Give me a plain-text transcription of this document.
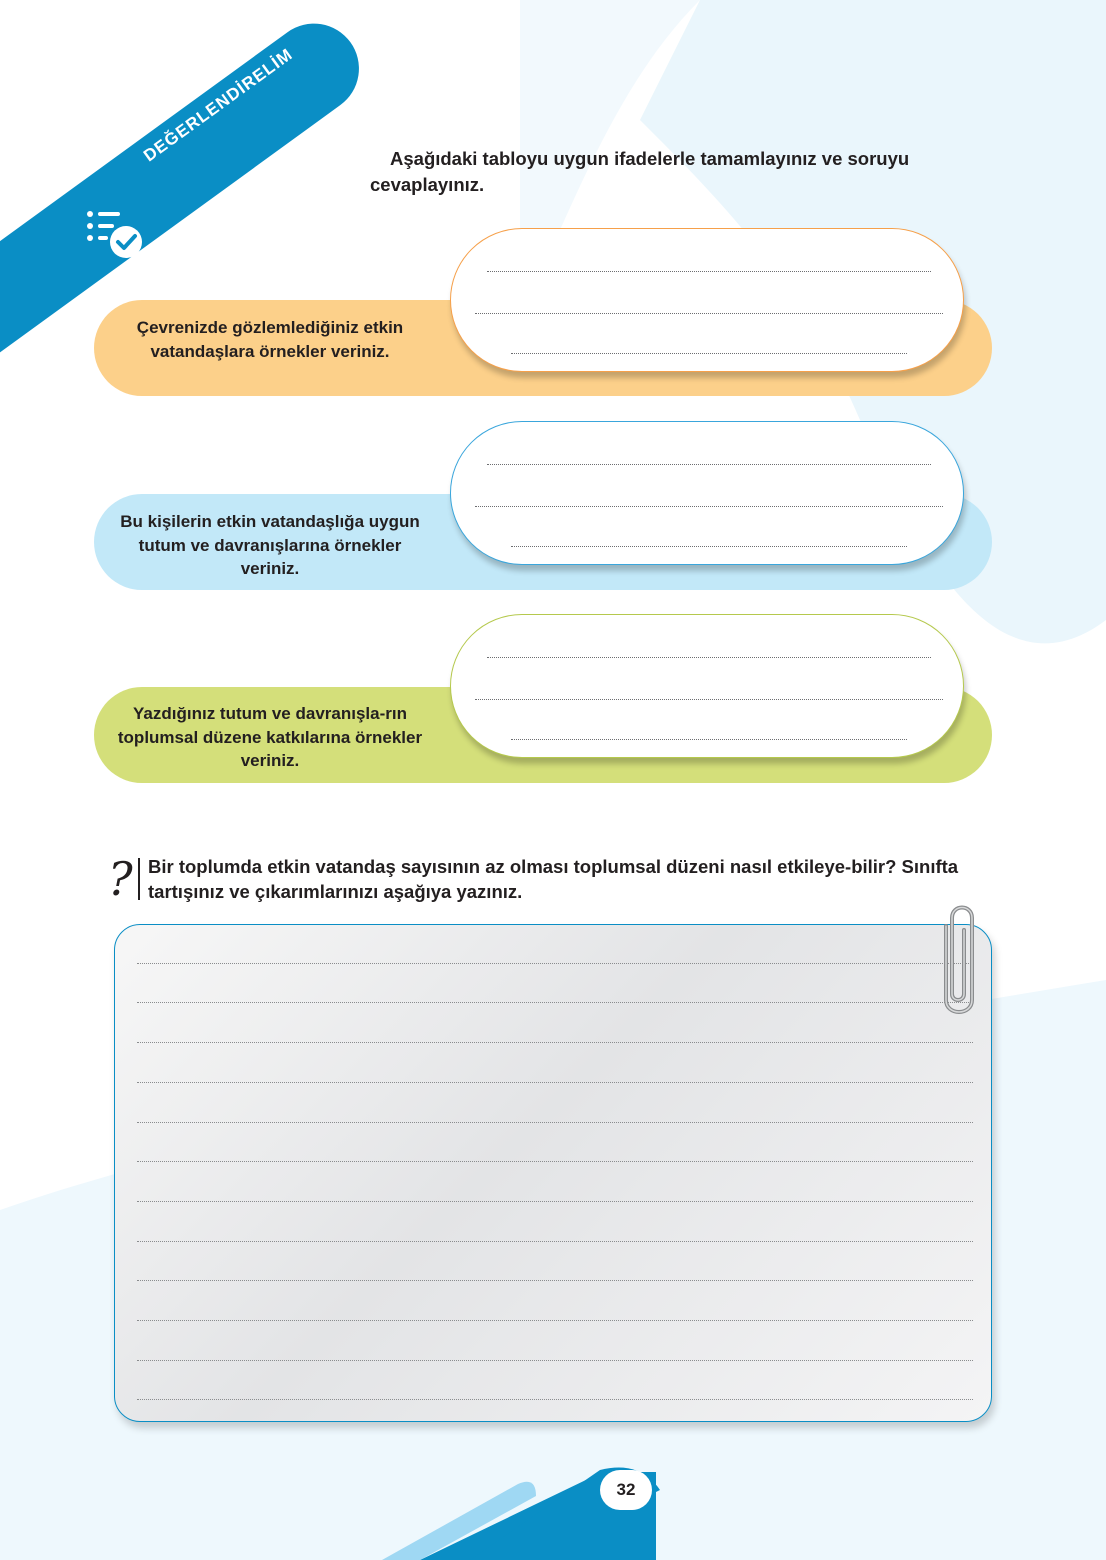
DEĞERLENDİRELİM	Aşağıdaki tabloyu uygun ifadelerle tamamlayınız ve soruyu cevaplayınız.

Çevrenizde gözlemlediğiniz etkin vatandaşlara örnekler veriniz.
Bu kişilerin etkin vatandaşlığa uygun tutum ve davranışlarına örnekler veriniz.
Yazdığınız tutum ve davranışla-rın toplumsal düzene katkılarına örnekler veriniz.
? Bir toplumda etkin vatandaş sayısının az olması toplumsal düzeni nasıl etkileye-bilir? Sınıfta tartışınız ve çıkarımlarınızı aşağıya yazınız.

32
